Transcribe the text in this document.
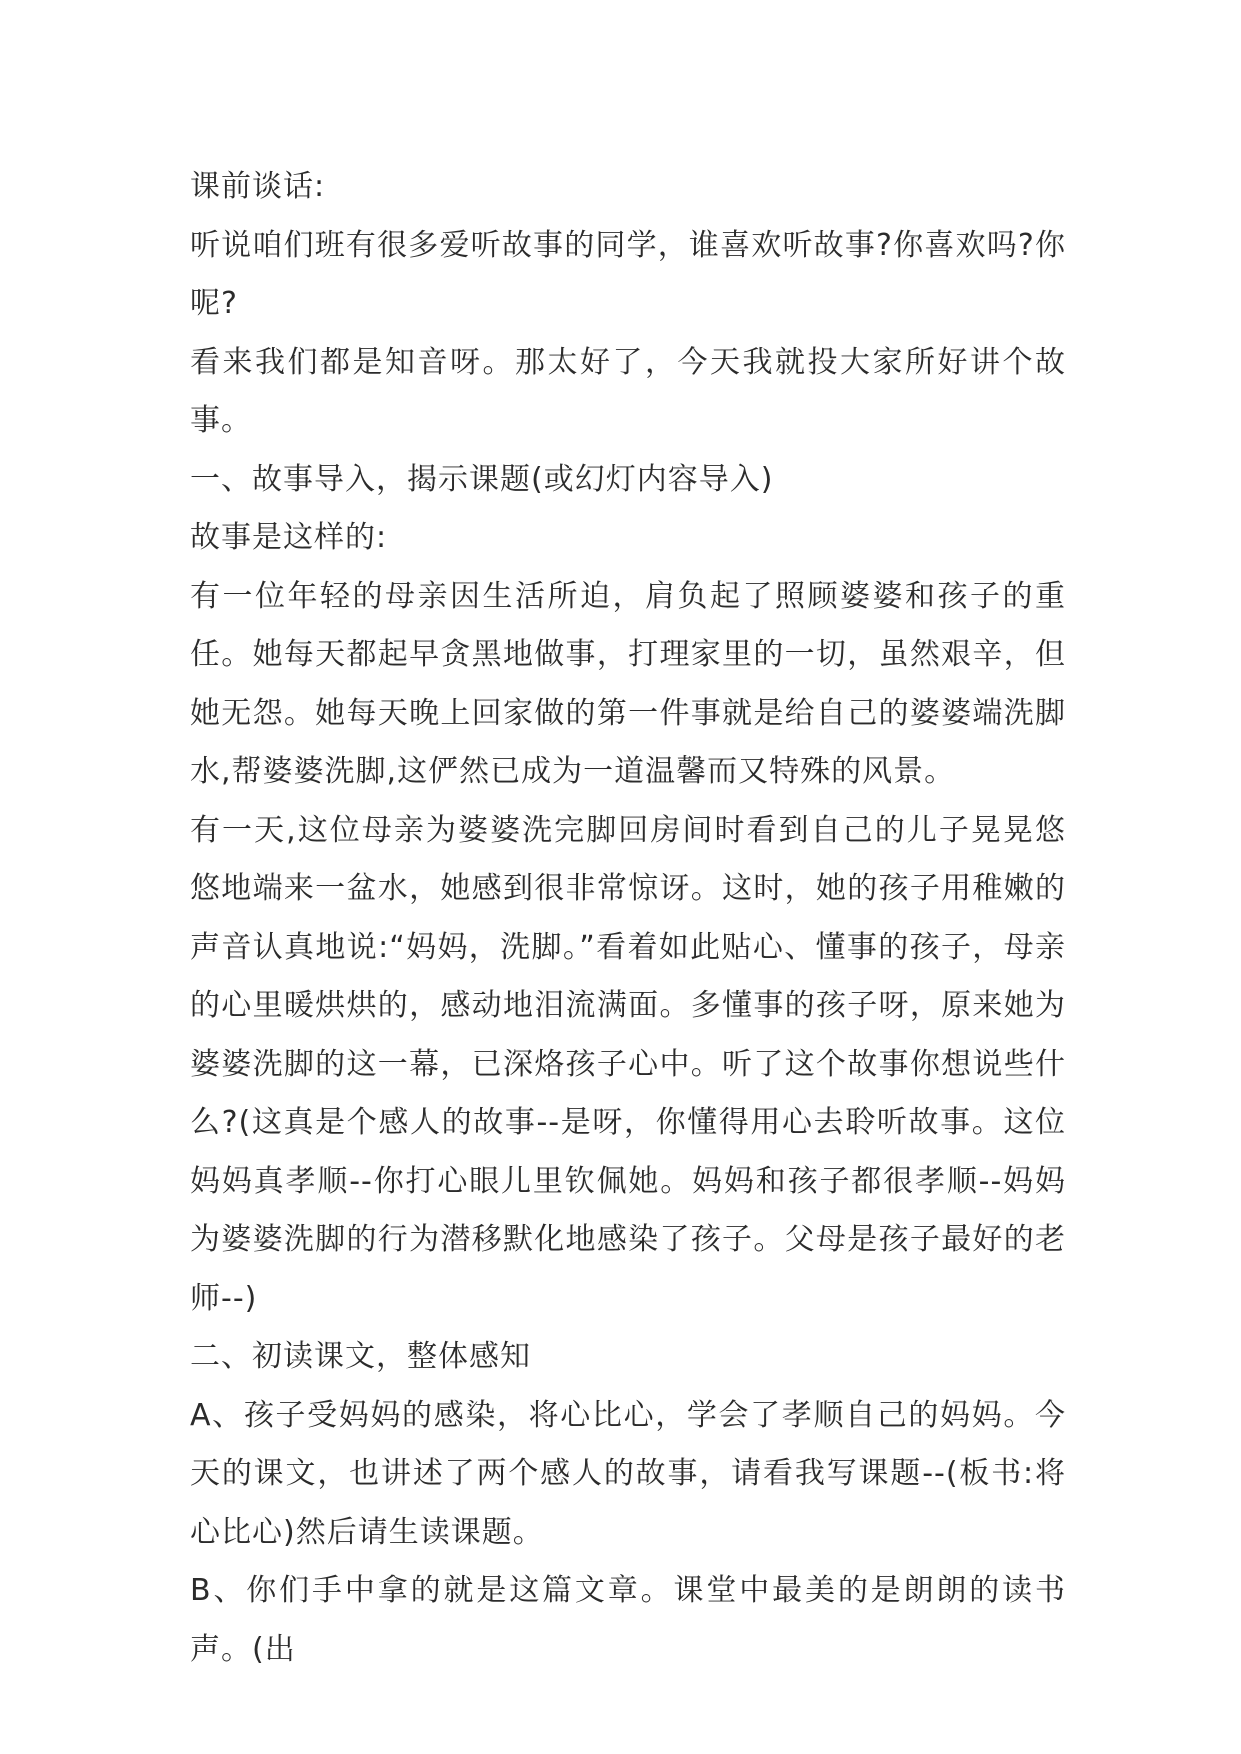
课前谈话:

听说咱们班有很多爱听故事的同学，谁喜欢听故事?你喜欢吗?你呢?

看来我们都是知音呀。那太好了，今天我就投大家所好讲个故事。

一、故事导入，揭示课题(或幻灯内容导入)

故事是这样的:

有一位年轻的母亲因生活所迫，肩负起了照顾婆婆和孩子的重任。她每天都起早贪黑地做事，打理家里的一切，虽然艰辛，但她无怨。她每天晚上回家做的第一件事就是给自己的婆婆端洗脚水,帮婆婆洗脚,这俨然已成为一道温馨而又特殊的风景。

有一天,这位母亲为婆婆洗完脚回房间时看到自己的儿子晃晃悠悠地端来一盆水，她感到很非常惊讶。这时，她的孩子用稚嫩的声音认真地说:“妈妈，洗脚。”看着如此贴心、懂事的孩子，母亲的心里暖烘烘的，感动地泪流满面。多懂事的孩子呀，原来她为婆婆洗脚的这一幕，已深烙孩子心中。听了这个故事你想说些什么?(这真是个感人的故事--是呀，你懂得用心去聆听故事。这位妈妈真孝顺--你打心眼儿里钦佩她。妈妈和孩子都很孝顺--妈妈为婆婆洗脚的行为潜移默化地感染了孩子。父母是孩子最好的老师--)

二、初读课文，整体感知

A、孩子受妈妈的感染，将心比心，学会了孝顺自己的妈妈。今天的课文，也讲述了两个感人的故事，请看我写课题--(板书:将心比心)然后请生读课题。

B、你们手中拿的就是这篇文章。课堂中最美的是朗朗的读书声。(出
